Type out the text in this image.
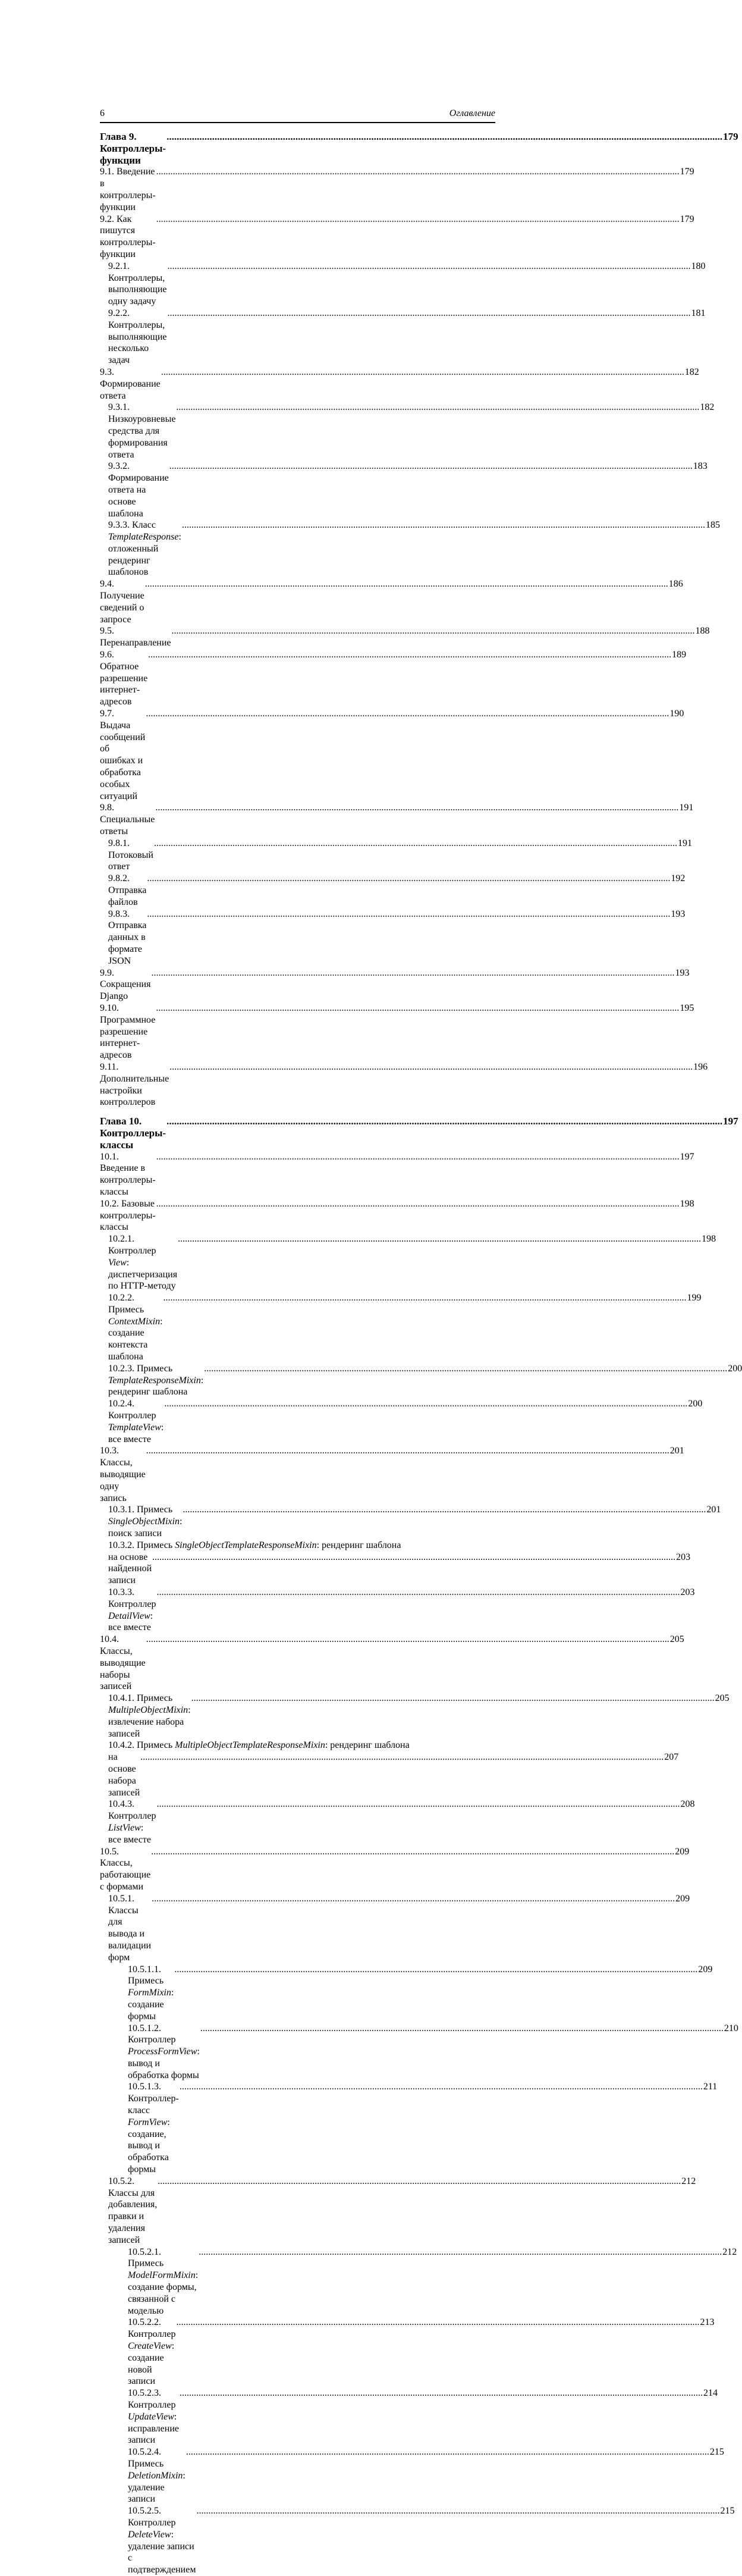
6	Оглавление
Глава 9. Контроллеры-функции
.....
179
9.1. Введение в контроллеры-функции
.....
179
9.2. Как пишутся контроллеры-функции
.....
179
9.2.1. Контроллеры, выполняющие одну задачу
.....
180
9.2.2. Контроллеры, выполняющие несколько задач
.....
181
9.3. Формирование ответа
.....
182
9.3.1. Низкоуровневые средства для формирования ответа
.....
182
9.3.2. Формирование ответа на основе шаблона
.....
183
9.3.3. Класс TemplateResponse: отложенный рендеринг шаблонов
.....
185
9.4. Получение сведений о запросе
.....
186
9.5. Перенаправление
.....
188
9.6. Обратное разрешение интернет-адресов
.....
189
9.7. Выдача сообщений об ошибках и обработка особых ситуаций
.....
190
9.8. Специальные ответы
.....
191
9.8.1. Потоковый ответ
.....
191
9.8.2. Отправка файлов
.....
192
9.8.3. Отправка данных в формате JSON
.....
193
9.9. Сокращения Django
.....
193
9.10. Программное разрешение интернет-адресов
.....
195
9.11. Дополнительные настройки контроллеров
.....
196
Глава 10. Контроллеры-классы
.....
197
10.1. Введение в контроллеры-классы
.....
197
10.2. Базовые контроллеры-классы
.....
198
10.2.1. Контроллер View: диспетчеризация по HTTP-методу
.....
198
10.2.2. Примесь ContextMixin: создание контекста шаблона
.....
199
10.2.3. Примесь TemplateResponseMixin: рендеринг шаблона
.....
200
10.2.4. Контроллер TemplateView: все вместе
.....
200
10.3. Классы, выводящие одну запись
.....
201
10.3.1. Примесь SingleObjectMixin: поиск записи
.....
201
10.3.2. Примесь SingleObjectTemplateResponseMixin: рендеринг шаблона
на основе найденной записи
.....
203
10.3.3. Контроллер DetailView: все вместе
.....
203
10.4. Классы, выводящие наборы записей
.....
205
10.4.1. Примесь MultipleObjectMixin: извлечение набора записей
.....
205
10.4.2. Примесь MultipleObjectTemplateResponseMixin: рендеринг шаблона
на основе набора записей
.....
207
10.4.3. Контроллер ListView: все вместе
.....
208
10.5. Классы, работающие с формами
.....
209
10.5.1. Классы для вывода и валидации форм
.....
209
10.5.1.1. Примесь FormMixin: создание формы
.....
209
10.5.1.2. Контроллер ProcessFormView: вывод и обработка формы
.....
210
10.5.1.3. Контроллер-класс FormView: создание, вывод и обработка формы
.....
211
10.5.2. Классы для добавления, правки и удаления записей
.....
212
10.5.2.1. Примесь ModelFormMixin: создание формы, связанной с моделью
.....
212
10.5.2.2. Контроллер CreateView: создание новой записи
.....
213
10.5.2.3. Контроллер UpdateView: исправление записи
.....
214
10.5.2.4. Примесь DeletionMixin: удаление записи
.....
215
10.5.2.5. Контроллер DeleteView: удаление записи с подтверждением
.....
215
